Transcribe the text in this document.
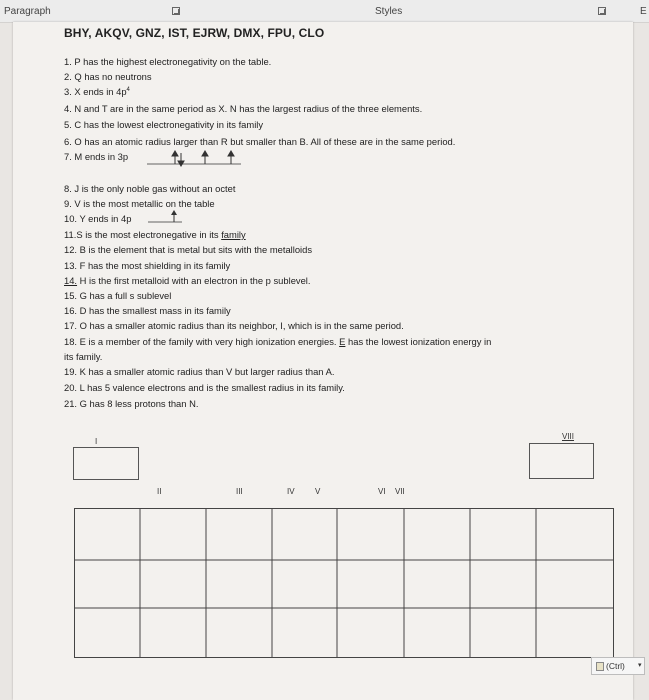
Paragraph	Styles	E
BHY, AKQV, GNZ, IST, EJRW, DMX, FPU, CLO
1. P has the highest electronegativity on the table.
2. Q has no neutrons
3. X ends in $4p^4$
4. N and T are in the same period as X. N has the largest radius of the three elements.
5. C has the lowest electronegativity in its family
6. O has an atomic radius larger than R but smaller than B. All of these are in the same period.
7. M ends in 3p
8. J is the only noble gas without an octet
9. V is the most metallic on the table
10. Y ends in 4p
11.S is the most electronegative in its family
12. B is the element that is metal but sits with the metalloids
13. F has the most shielding in its family
14. H is the first metalloid with an electron in the p sublevel.
15. G has a full s sublevel
16. D has the smallest mass in its family
17. O has a smaller atomic radius than its neighbor, I, which is in the same period.
18. E is a member of the family with very high ionization energies. E has the lowest ionization energy in
its family.
19. K has a smaller atomic radius than V but larger radius than A.
20. L has 5 valence electrons and is the smallest radius in its family.
21. G has 8 less protons than N.
I
VIII
II	III	IV	V	VI VII
(Ctrl) ▾
